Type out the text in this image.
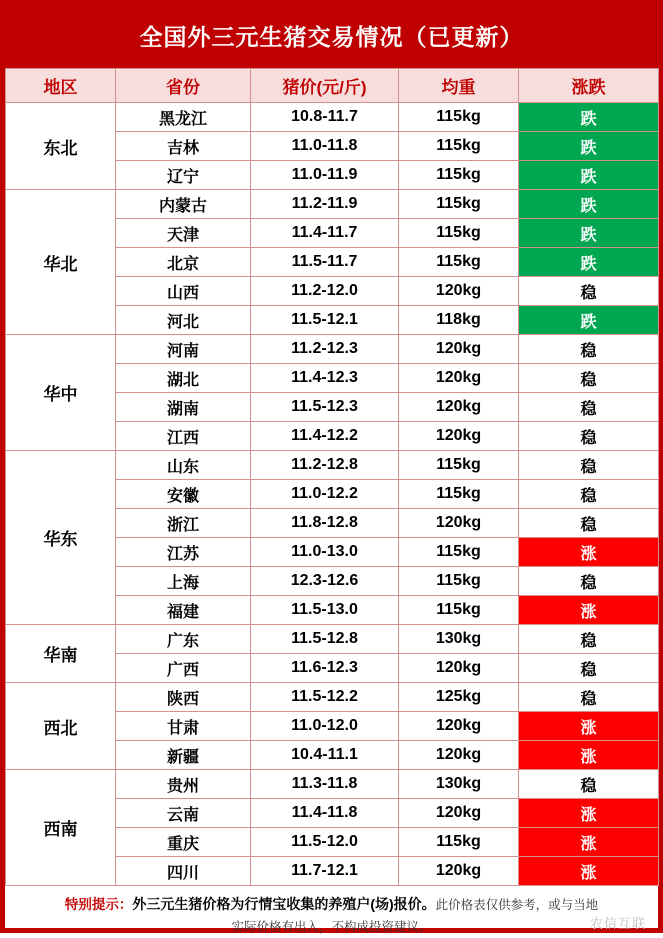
全国外三元生猪交易情况（已更新）
地区	省份	猪价(元/斤)	均重	涨跌
东北	黑龙江	10.8-11.7	115kg	跌
	吉林	11.0-11.8	115kg	跌
	辽宁	11.0-11.9	115kg	跌
华北	内蒙古	11.2-11.9	115kg	跌
	天津	11.4-11.7	115kg	跌
	北京	11.5-11.7	115kg	跌
	山西	11.2-12.0	120kg	稳
	河北	11.5-12.1	118kg	跌
华中	河南	11.2-12.3	120kg	稳
	湖北	11.4-12.3	120kg	稳
	湖南	11.5-12.3	120kg	稳
	江西	11.4-12.2	120kg	稳
华东	山东	11.2-12.8	115kg	稳
	安徽	11.0-12.2	115kg	稳
	浙江	11.8-12.8	120kg	稳
	江苏	11.0-13.0	115kg	涨
	上海	12.3-12.6	115kg	稳
	福建	11.5-13.0	115kg	涨
华南	广东	11.5-12.8	130kg	稳
	广西	11.6-12.3	120kg	稳
西北	陕西	11.5-12.2	125kg	稳
	甘肃	11.0-12.0	120kg	涨
	新疆	10.4-11.1	120kg	涨
西南	贵州	11.3-11.8	130kg	稳
	云南	11.4-11.8	120kg	涨
	重庆	11.5-12.0	115kg	涨
	四川	11.7-12.1	120kg	涨
特别提示：外三元生猪价格为行情宝收集的养殖户(场)报价。此价格表仅供参考，或与当地
实际价格有出入，不构成投资建议。	农信互联
